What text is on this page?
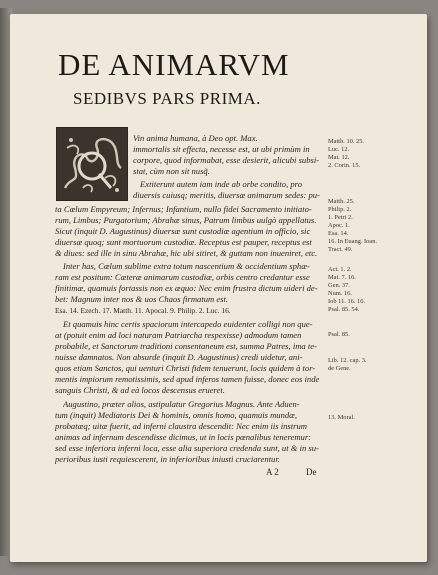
DE ANIMARVM
SEDIBVS PARS PRIMA.

Vin anima humana, à Deo opt. Max.

immortalis sit effecta, necesse est, ut ubi primùm in

corpore, quod informabat, esse desierit, alicubi subsi-

stat, cùm non sit nusq̃.

Extiterunt autem iam inde ab orbe condito, pro

diuersis cuiusq; meritis, diuersæ animarum sedes: pu-

ta Cœlum Empyreum; Infernus; Infantium, nullo fidei Sacramento initiato-

rum, Limbus; Purgatorium; Abrahæ sinus, Patrum limbus uulgò appellatus.

Sicut (inquit D. Augustinus) diuersæ sunt custodiæ agentium in officio, sic

diuersæ quoq; sunt mortuorum custodiæ. Receptus est pauper, receptus est

& diues: sed ille in sinu Abrahæ, hic ubi sitiret, & guttam non inueniret, etc.

Inter has, Cœlum sublime extra totum nascentium & occidentium sphæ-

ram est positum: Cæteræ animarum custodiæ, orbis centro credantur esse

finitimæ, quamuis fortassis non ex æquo: Nec enim frustra dictum uideri de-

bet: Magnum inter nos & uos Chaos firmatum est.

Esa. 14. Ezech. 17. Matth. 11. Apocal. 9. Philip. 2. Luc. 16.

Et quamuis hinc certis spaciorum intercapedo euidenter colligi non que-

at (potuit enim ad loci naturam Patriarcha respexisse) admodum tamen

probabile, et Sanctorum traditioni consentaneum est, summa Patres, ima te-

nuisse damnatos. Non absurde (inquit D. Augustinus) credi uidetur, ani-

quos etiam Sanctos, qui uenturi Christi fidem tenuerunt, locis quidem à tor-

mentis impiorum remotissimis, sed apud inferos tamen fuisse, donec eos inde

sanguis Christi, & ad eà locos descensus erueret.

Augustino, præter alios, astipulatur Gregorius Magnus. Ante Aduen-

tum (inquit) Mediatoris Dei & hominis, omnis homo, quamuis mundæ,

probatæq; uitæ fuerit, ad inferni claustra descendit: Nec enim iis instrum

animas ad infernum descendisse dicimus, ut in locis pœnalibus teneremur:

sed esse inferiora inferni loca, esse alia superiora credenda sunt, ut & in su-

perioribus iusti requiescerent, in inferioribus iniusti cruciarentur.

Matth. 10. 25.

Luc. 12.

Mat. 12.

2. Corin. 15.

Matth. 25.

Philip. 2.

1. Petri 2.

Apoc. 1.

Esa. 14.

16. In Euang. Ioan.

Tract. 49.

Act. 1. 2.

Mat. 7. 16.

Gen. 37.

Num. 16.

Iob 11. 16. 16.

Psal. 85. 54.

Psal. 85.

Lib. 12. cap. 3.

de Gene.

13. Moral.

A 2	De
